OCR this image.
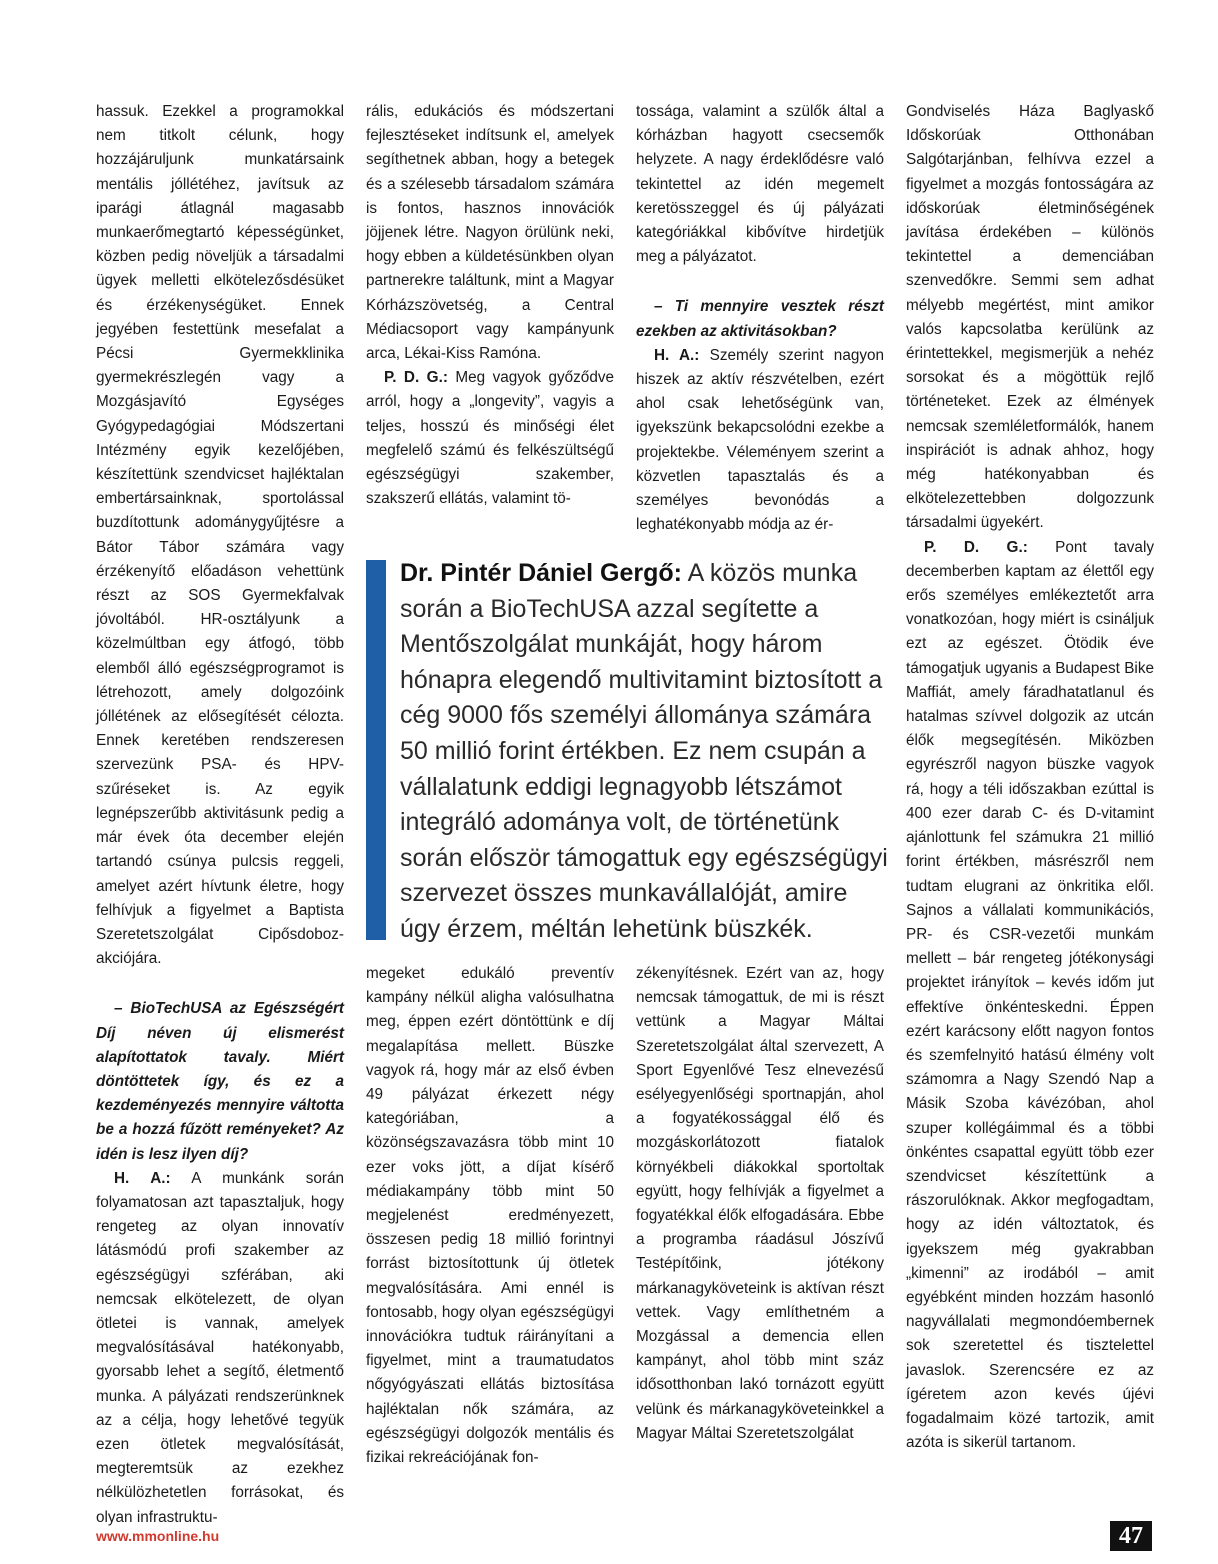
hassuk. Ezekkel a programokkal nem titkolt célunk, hogy hozzájáruljunk munkatársaink mentális jóllétéhez, javítsuk az iparági átlagnál magasabb munkaerőmegtartó képességünket, közben pedig növeljük a társadalmi ügyek melletti elkötelezősdésüket és érzékenységüket. Ennek jegyében festettünk mesefalat a Pécsi Gyermekklinika gyermekrészlegén vagy a Mozgásjavító Egységes Gyógypedagógiai Módszertani Intézmény egyik kezelőjében, készítettünk szendvicset hajléktalan embertársainknak, sportolással buzdítottunk adománygyűjtésre a Bátor Tábor számára vagy érzékenyítő előadáson vehettünk részt az SOS Gyermekfalvak jóvoltából. HR-osztályunk a közelmúltban egy átfogó, több elemből álló egészségprogramot is létrehozott, amely dolgozóink jóllétének az elősegítését célozta. Ennek keretében rendszeresen szervezünk PSA- és HPV-szűréseket is. Az egyik legnépszerűbb aktivitásunk pedig a már évek óta december elején tartandó csúnya pulcsis reggeli, amelyet azért hívtunk életre, hogy felhívjuk a figyelmet a Baptista Szeretetszolgálat Cipősdoboz-akciójára.

– BioTechUSA az Egészségért Díj néven új elismerést alapítottatok tavaly. Miért döntöttetek így, és ez a kezdeményezés mennyire váltotta be a hozzá fűzött reményeket? Az idén is lesz ilyen díj?

H. A.: A munkánk során folyamatosan azt tapasztaljuk, hogy rengeteg az olyan innovatív látásmódú profi szakember az egészségügyi szférában, aki nemcsak elkötelezett, de olyan ötletei is vannak, amelyek megvalósításával hatékonyabb, gyorsabb lehet a segítő, életmentő munka. A pályázati rendszerünknek az a célja, hogy lehetővé tegyük ezen ötletek megvalósítását, megteremtsük az ezekhez nélkülözhetetlen forrásokat, és olyan infrastruktu-

rális, edukációs és módszertani fejlesztéseket indítsunk el, amelyek segíthetnek abban, hogy a betegek és a szélesebb társadalom számára is fontos, hasznos innovációk jöjjenek létre. Nagyon örülünk neki, hogy ebben a küldetésünkben olyan partnerekre találtunk, mint a Magyar Kórházszövetség, a Central Médiacsoport vagy kampányunk arca, Lékai-Kiss Ramóna.

P. D. G.: Meg vagyok győződve arról, hogy a „longevity”, vagyis a teljes, hosszú és minőségi élet megfelelő számú és felkészültségű egészségügyi szakember, szakszerű ellátás, valamint tö-

tossága, valamint a szülők által a kórházban hagyott csecsemők helyzete. A nagy érdeklődésre való tekintettel az idén megemelt keretösszeggel és új pályázati kategóriákkal kibővítve hirdetjük meg a pályázatot.

– Ti mennyire vesztek részt ezekben az aktivitásokban?

H. A.: Személy szerint nagyon hiszek az aktív részvételben, ezért ahol csak lehetőségünk van, igyekszünk bekapcsolódni ezekbe a projektekbe. Véleményem szerint a közvetlen tapasztalás és a személyes bevonódás a leghatékonyabb módja az ér-

Gondviselés Háza Baglyaskő Időskorúak Otthonában Salgótarjánban, felhívva ezzel a figyelmet a mozgás fontosságára az időskorúak életminőségének javítása érdekében – különös tekintettel a demenciában szenvedőkre. Semmi sem adhat mélyebb megértést, mint amikor valós kapcsolatba kerülünk az érintettekkel, megismerjük a nehéz sorsokat és a mögöttük rejlő történeteket. Ezek az élmények nemcsak szemléletformálók, hanem inspirációt is adnak ahhoz, hogy még hatékonyabban és elkötelezettebben dolgozzunk társadalmi ügyekért.

P. D. G.: Pont tavaly decemberben kaptam az élettől egy erős személyes emlékeztetőt arra vonatkozóan, hogy miért is csináljuk ezt az egészet. Ötödik éve támogatjuk ugyanis a Budapest Bike Maffiát, amely fáradhatatlanul és hatalmas szívvel dolgozik az utcán élők megsegítésén. Miközben egyrészről nagyon büszke vagyok rá, hogy a téli időszakban ezúttal is 400 ezer darab C- és D-vitamint ajánlottunk fel számukra 21 millió forint értékben, másrészről nem tudtam elugrani az önkritika elől. Sajnos a vállalati kommunikációs, PR- és CSR-vezetői munkám mellett – bár rengeteg jótékonysági projektet irányítok – kevés időm jut effektíve önkénteskedni. Éppen ezért karácsony előtt nagyon fontos és szemfelnyitó hatású élmény volt számomra a Nagy Szendó Nap a Másik Szoba kávézóban, ahol szuper kollégáimmal és a többi önkéntes csapattal együtt több ezer szendvicset készítettünk a rászorulóknak. Akkor megfogadtam, hogy az idén változtatok, és igyekszem még gyakrabban „kimenni” az irodából – amit egyébként minden hozzám hasonló nagyvállalati megmondóembernek sok szeretettel és tisztelettel javaslok. Szerencsére ez az ígéretem azon kevés újévi fogadalmaim közé tartozik, amit azóta is sikerül tartanom.

Dr. Pintér Dániel Gergő: A közös munka során a BioTechUSA azzal segítette a Mentőszolgálat munkáját, hogy három hónapra elegendő multivitamint biztosított a cég 9000 fős személyi állománya számára 50 millió forint értékben. Ez nem csupán a vállalatunk eddigi legnagyobb létszámot integráló adománya volt, de történetünk során először támogattuk egy egészségügyi szervezet összes munkavállalóját, amire úgy érzem, méltán lehetünk büszkék.

megeket edukáló preventív kampány nélkül aligha valósulhatna meg, éppen ezért döntöttünk e díj megalapítása mellett. Büszke vagyok rá, hogy már az első évben 49 pályázat érkezett négy kategóriában, a közönségszavazásra több mint 10 ezer voks jött, a díjat kísérő médiakampány több mint 50 megjelenést eredményezett, összesen pedig 18 millió forintnyi forrást biztosítottunk új ötletek megvalósítására. Ami ennél is fontosabb, hogy olyan egészségügyi innovációkra tudtuk ráirányítani a figyelmet, mint a traumatudatos nőgyógyászati ellátás biztosítása hajléktalan nők számára, az egészségügyi dolgozók mentális és fizikai rekreációjának fon-

zékenyítésnek. Ezért van az, hogy nemcsak támogattuk, de mi is részt vettünk a Magyar Máltai Szeretetszolgálat által szervezett, A Sport Egyenlővé Tesz elnevezésű esélyegyenlőségi sportnapján, ahol a fogyatékossággal élő és mozgáskorlátozott fiatalok környékbeli diákokkal sportoltak együtt, hogy felhívják a figyelmet a fogyatékkal élők elfogadására. Ebbe a programba ráadásul Jószívű Testépítőink, jótékony márkanagyköveteink is aktívan részt vettek. Vagy említhetném a Mozgással a demencia ellen kampányt, ahol több mint száz idősotthonban lakó tornázott együtt velünk és márkanagyköveteinkkel a Magyar Máltai Szeretetszolgálat

www.mmonline.hu	47
